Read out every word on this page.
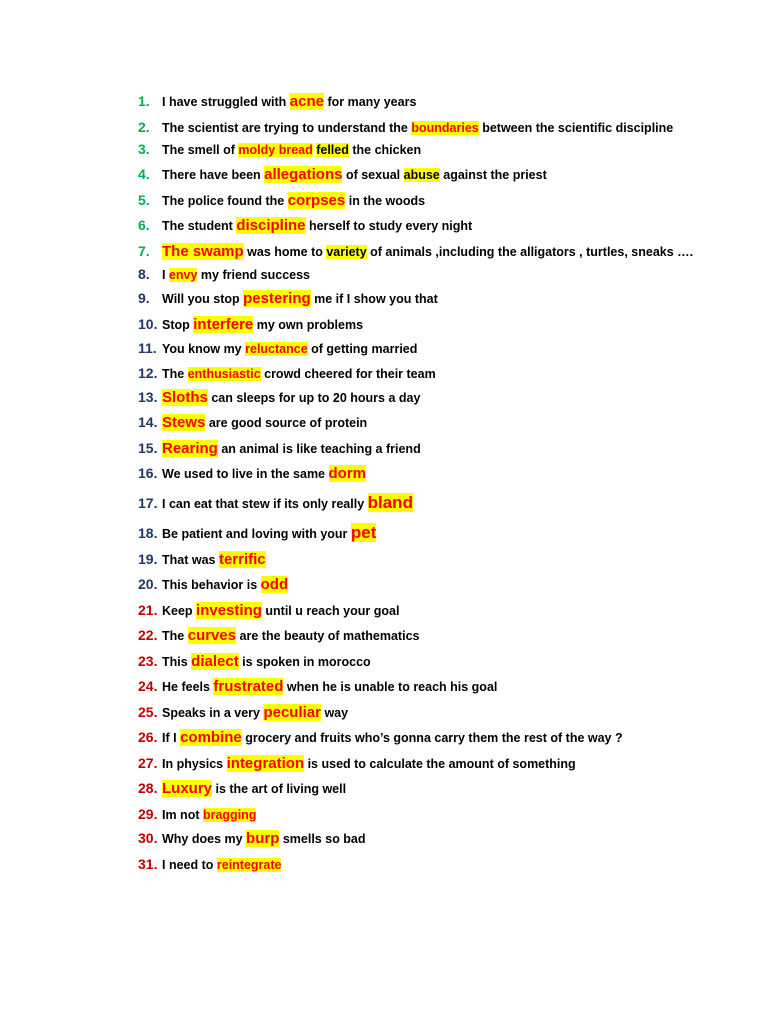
1. I have struggled with acne for many years
2. The scientist are trying to understand the boundaries between the scientific discipline
3. The smell of moldy bread felled the chicken
4. There have been allegations of sexual abuse against the priest
5. The police found the corpses in the woods
6. The student discipline herself to study every night
7. The swamp was home to variety of animals ,including the alligators , turtles, sneaks ….
8. I envy my friend success
9. Will you stop pestering me if I show you that
10. Stop interfere my own problems
11. You know my reluctance of getting married
12. The enthusiastic crowd cheered for their team
13. Sloths can sleeps for up to 20 hours a day
14. Stews are good source of protein
15. Rearing an animal is like teaching a friend
16. We used to live in the same dorm
17. I can eat that stew if its only really bland
18. Be patient and loving with your pet
19. That was terrific
20. This behavior is odd
21. Keep investing until u reach your goal
22. The curves are the beauty of mathematics
23. This dialect is spoken in morocco
24. He feels frustrated when he is unable to reach his goal
25. Speaks in a very peculiar way
26. If I combine grocery and fruits who’s gonna carry them the rest of the way ?
27. In physics integration is used to calculate the amount of something
28. Luxury is the art of living well
29. Im not bragging
30. Why does my burp smells so bad
31. I need to reintegrate
